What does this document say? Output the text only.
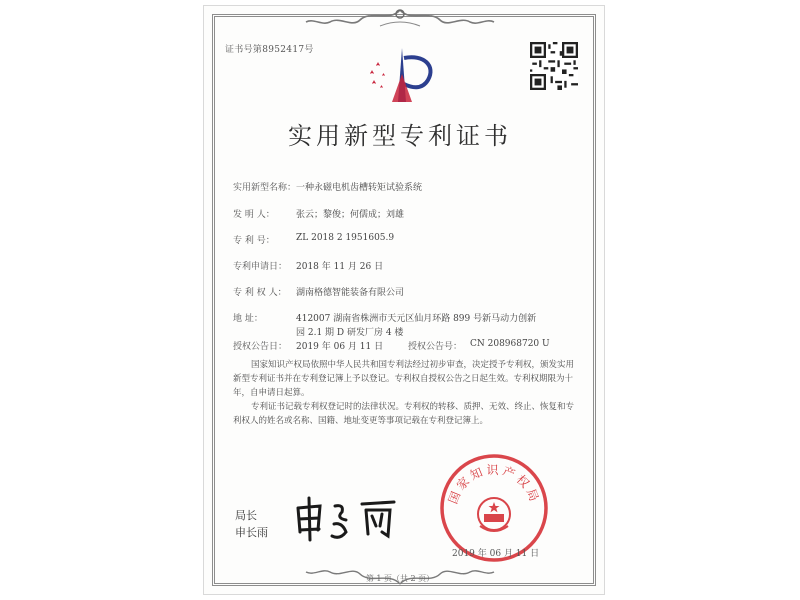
证书号第8952417号
实用新型专利证书
实用新型名称： 一种永磁电机齿槽转矩试验系统
发 明 人： 张云；黎俊；何儒成；刘雄
专 利 号： ZL 2018 2 1951605.9
专利申请日： 2018 年 11 月 26 日
专 利 权 人： 湖南格德智能装备有限公司
地 址：	412007 湖南省株洲市天元区仙月环路 899 号新马动力创新
园 2.1 期 D 研发厂房 4 楼
授权公告日： 2019 年 06 月 11 日	授权公告号： CN 208968720 U
国家知识产权局依照中华人民共和国专利法经过初步审查，决定授予专利权，颁发实用新型专利证书并在专利登记簿上予以登记。专利权自授权公告之日起生效。专利权期限为十年，自申请日起算。
专利证书记载专利权登记时的法律状况。专利权的转移、质押、无效、终止、恢复和专利权人的姓名或名称、国籍、地址变更等事项记载在专利登记簿上。
局长
申长雨
国家知识产权局
2019 年 06 月 11 日
第 1 页（共 2 页）
